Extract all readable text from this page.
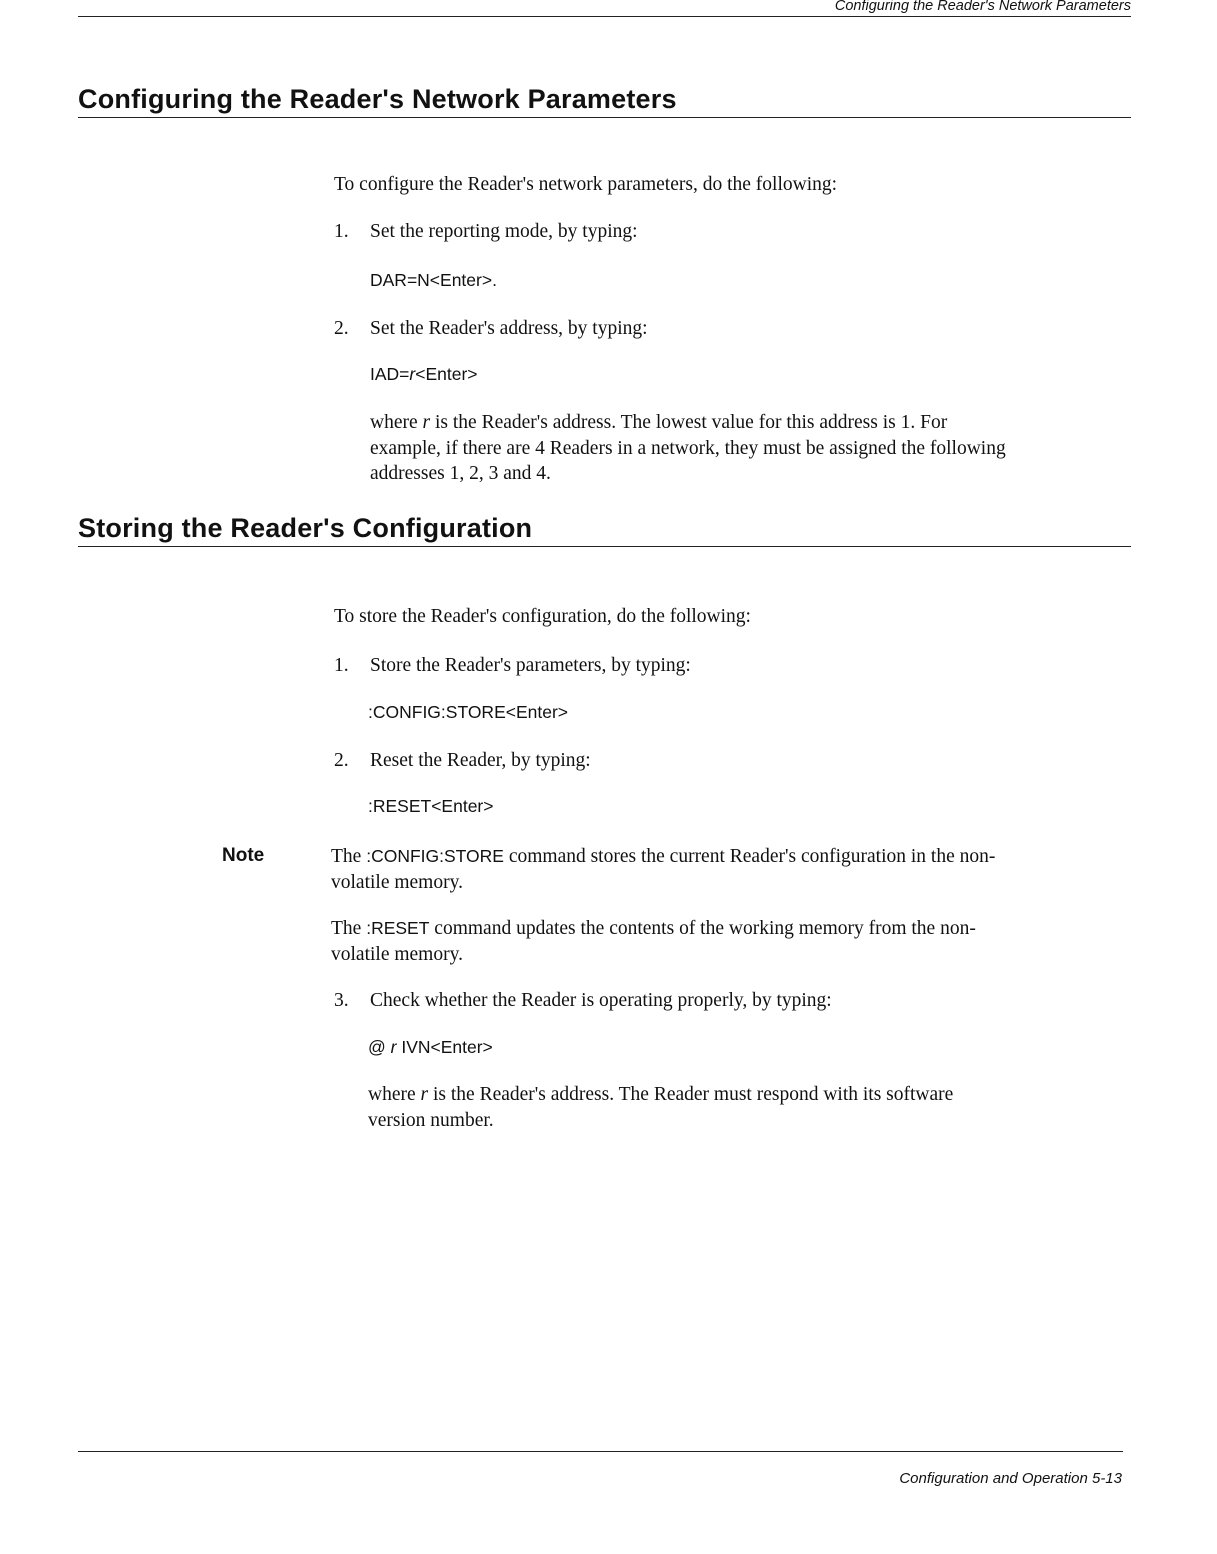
Configuring the Reader's Network Parameters
Configuring the Reader's Network Parameters
To configure the Reader's network parameters, do the following:
1. Set the reporting mode, by typing:
DAR=N<Enter>.
2. Set the Reader's address, by typing:
IAD=r<Enter>
where r is the Reader's address. The lowest value for this address is 1. For
example, if there are 4 Readers in a network, they must be assigned the following
addresses 1, 2, 3 and 4.
Storing the Reader's Configuration
To store the Reader's configuration, do the following:
1. Store the Reader's parameters, by typing:
:CONFIG:STORE<Enter>
2. Reset the Reader, by typing:
:RESET<Enter>
Note	The :CONFIG:STORE command stores the current Reader's configuration in the non-
volatile memory.
The :RESET command updates the contents of the working memory from the non-
volatile memory.
3. Check whether the Reader is operating properly, by typing:
@ r IVN<Enter>
where r is the Reader's address. The Reader must respond with its software
version number.
Configuration and Operation 5-13
